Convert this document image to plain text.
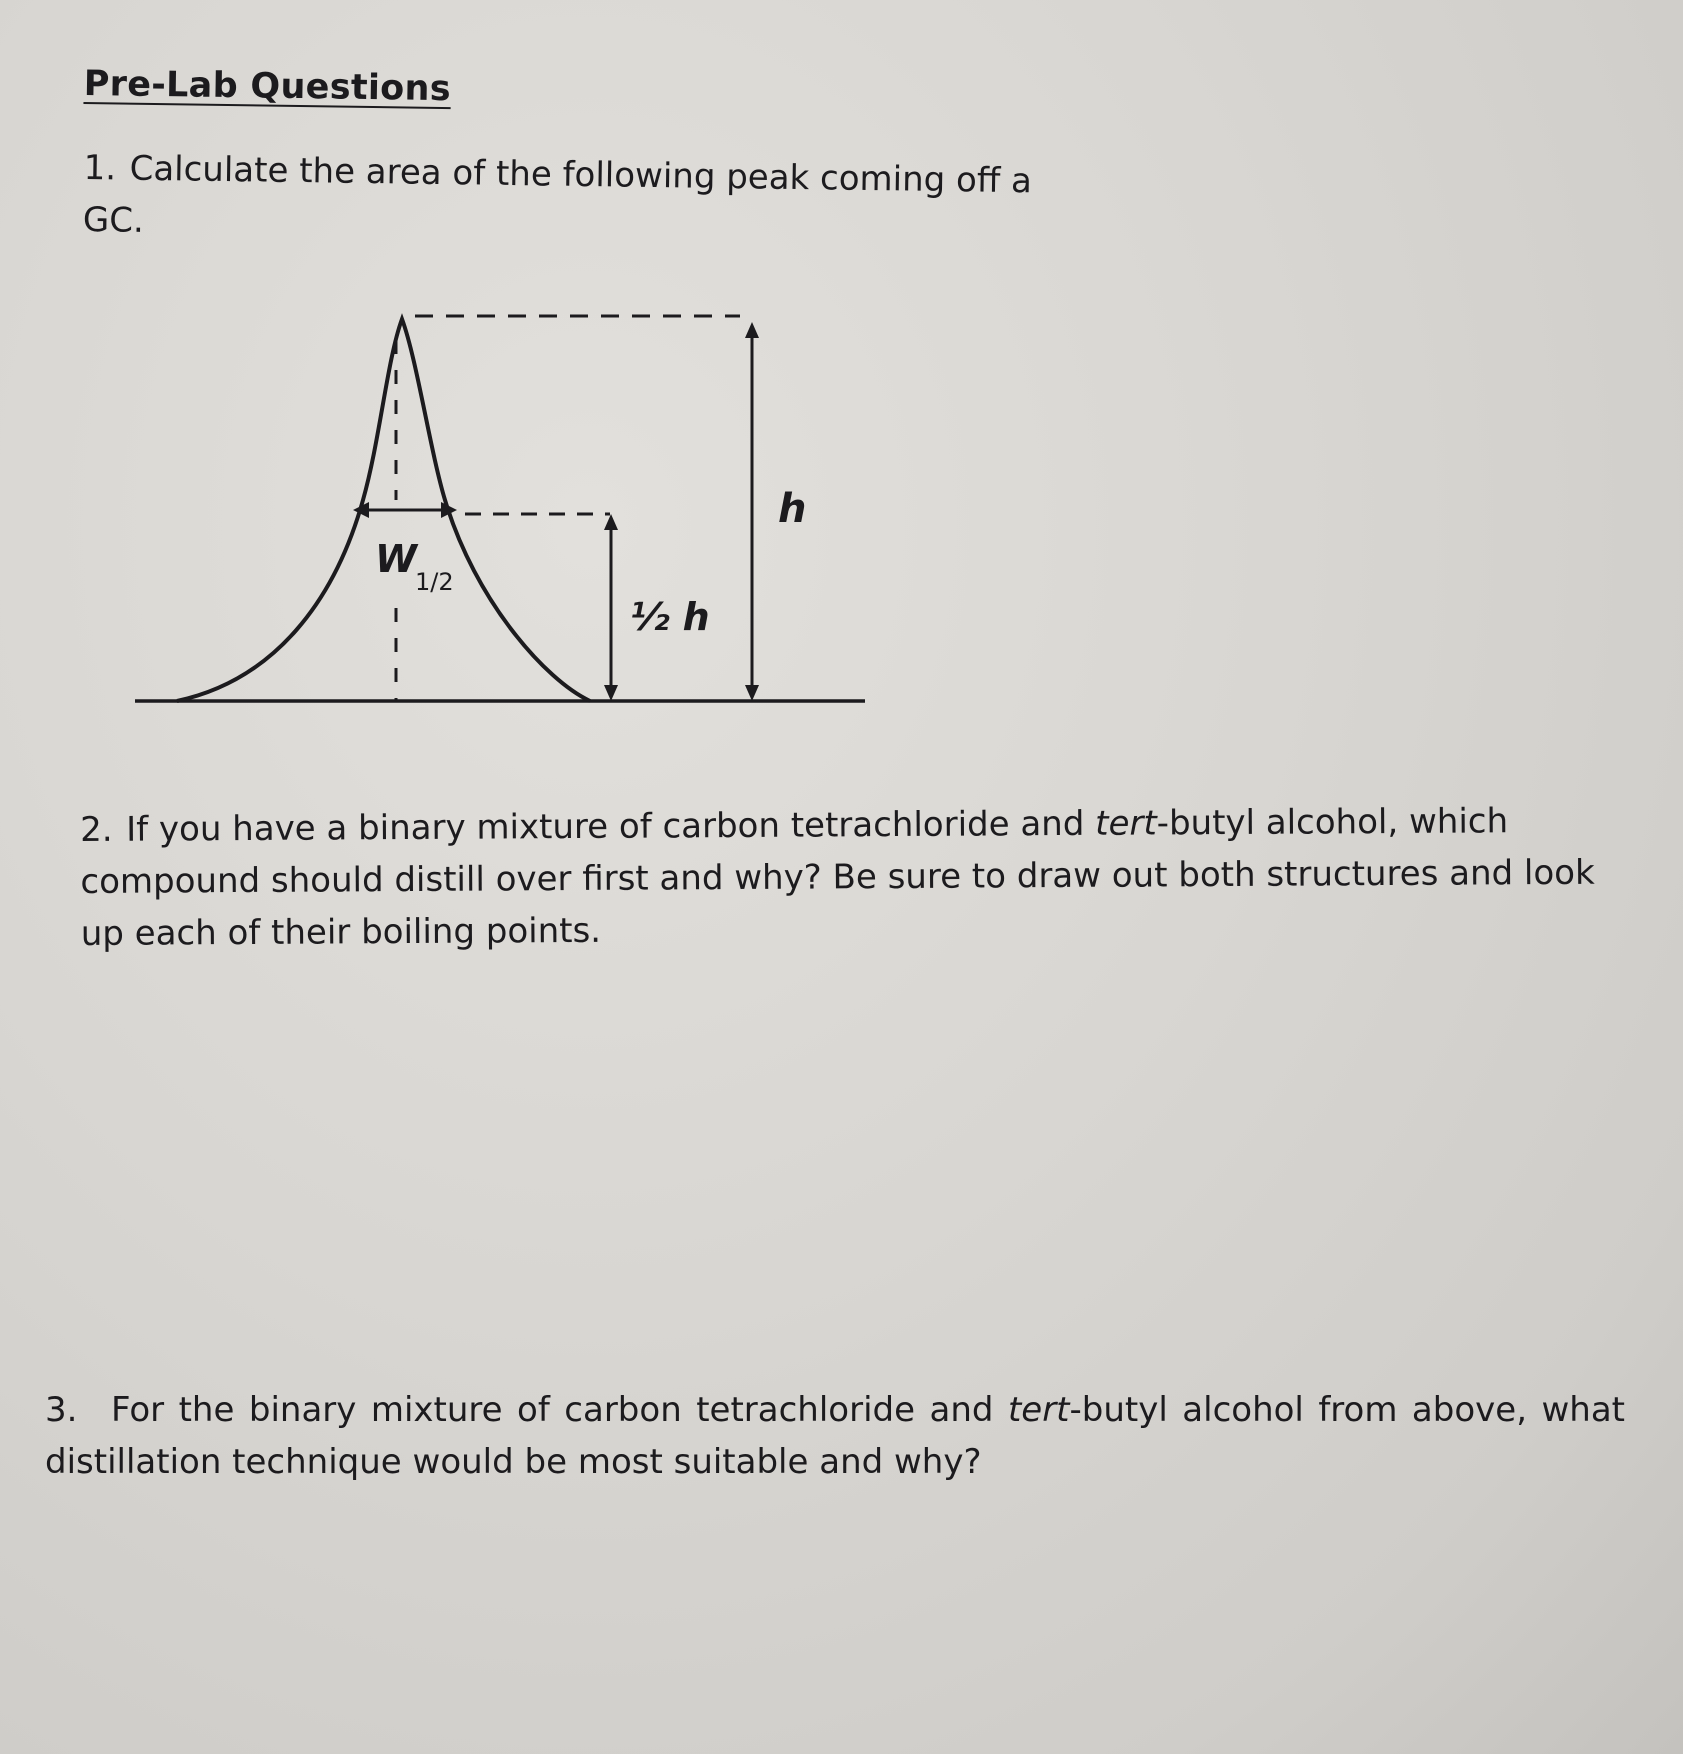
Pre-Lab Questions
1. Calculate the area of the following peak coming off a GC.
h
½ h
W
1/2
2. If you have a binary mixture of carbon tetrachloride and tert-butyl alcohol, which compound should distill over first and why? Be sure to draw out both structures and look up each of their boiling points.
3. For the binary mixture of carbon tetrachloride and tert-butyl alcohol from above, what distillation technique would be most suitable and why?
